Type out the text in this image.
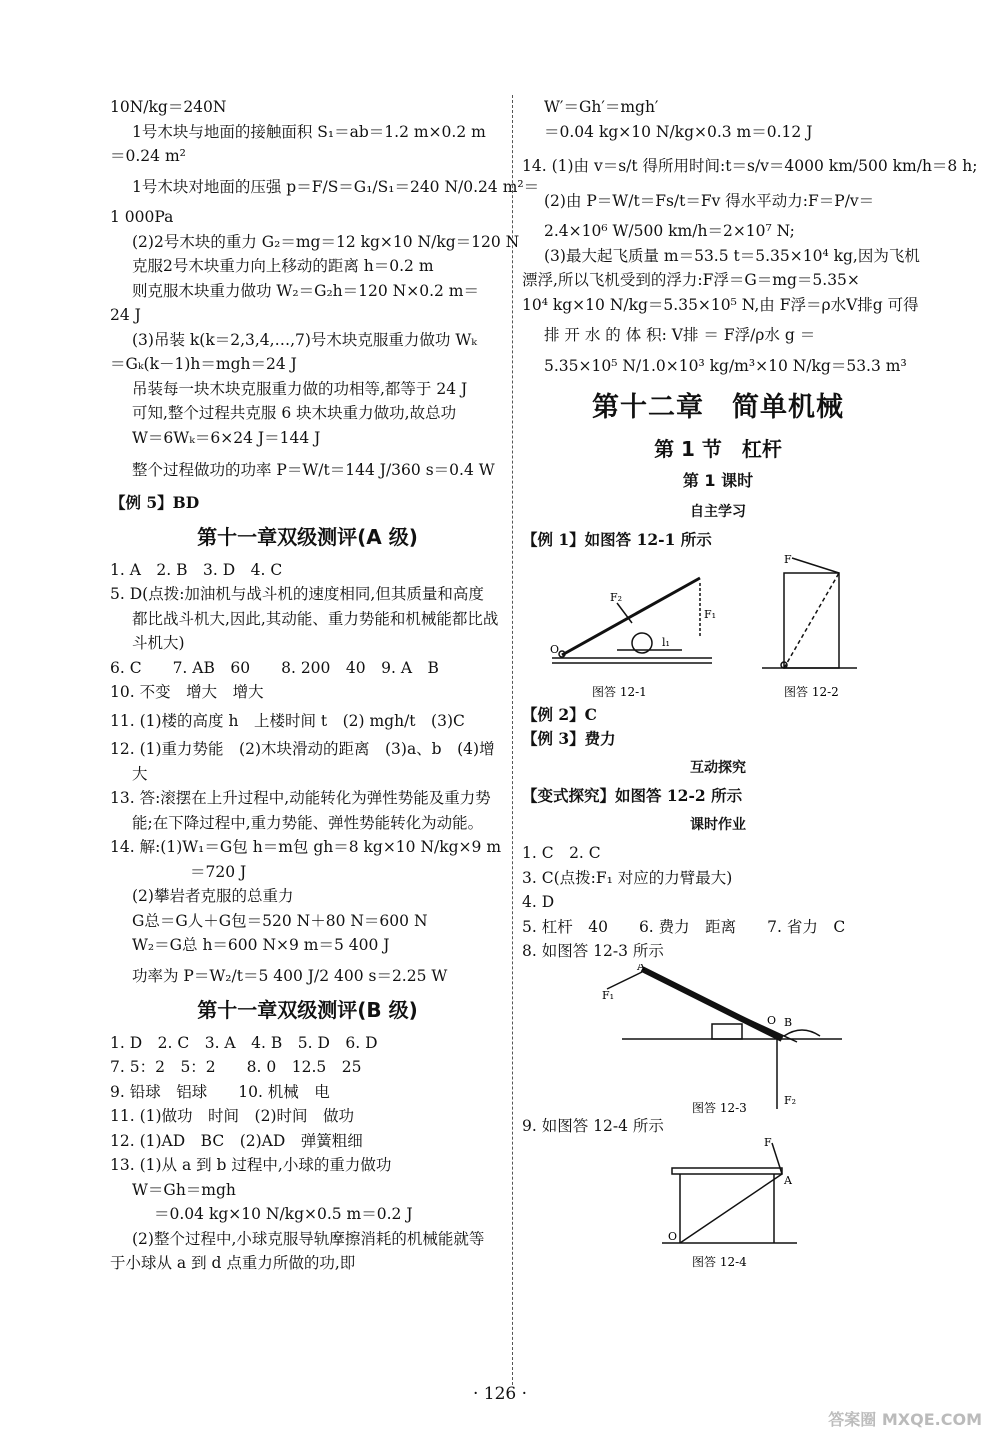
10N/kg＝240N
1号木块与地面的接触面积 S₁＝ab＝1.2 m×0.2 m
＝0.24 m²
1号木块对地面的压强 p＝F/S＝G₁/S₁＝240 N/0.24 m²＝
1 000Pa
(2)2号木块的重力 G₂＝mg＝12 kg×10 N/kg＝120 N
克服2号木块重力向上移动的距离 h＝0.2 m
则克服木块重力做功 W₂＝G₂h＝120 N×0.2 m＝
24 J
(3)吊装 k(k＝2,3,4,…,7)号木块克服重力做功 Wₖ
＝Gₖ(k－1)h＝mgh＝24 J
吊装每一块木块克服重力做的功相等,都等于 24 J
可知,整个过程共克服 6 块木块重力做功,故总功
W＝6Wₖ＝6×24 J＝144 J
整个过程做功的功率 P＝W/t＝144 J/360 s＝0.4 W
【例 5】BD
第十一章双级测评(A 级)
1. A　2. B　3. D　4. C
5. D(点拨:加油机与战斗机的速度相同,但其质量和高度
都比战斗机大,因此,其动能、重力势能和机械能都比战
斗机大)
6. C　　7. AB　60　　8. 200　40　9. A　B
10. 不变　增大　增大
11. (1)楼的高度 h　上楼时间 t　(2) mgh/t　(3)C
12. (1)重力势能　(2)木块滑动的距离　(3)a、b　(4)增
大
13. 答:滚摆在上升过程中,动能转化为弹性势能及重力势
能;在下降过程中,重力势能、弹性势能转化为动能。
14. 解:(1)W₁＝G包 h＝m包 gh＝8 kg×10 N/kg×9 m
＝720 J
(2)攀岩者克服的总重力
G总＝G人＋G包＝520 N＋80 N＝600 N
W₂＝G总 h＝600 N×9 m＝5 400 J
功率为 P＝W₂/t＝5 400 J/2 400 s＝2.25 W
第十一章双级测评(B 级)
1. D　2. C　3. A　4. B　5. D　6. D
7. 5：2　5：2　　8. 0　12.5　25
9. 铅球　铝球　　10. 机械　电
11. (1)做功　时间　(2)时间　做功
12. (1)AD　BC　(2)AD　弹簧粗细
13. (1)从 a 到 b 过程中,小球的重力做功
W＝Gh＝mgh
＝0.04 kg×10 N/kg×0.5 m＝0.2 J
(2)整个过程中,小球克服导轨摩擦消耗的机械能就等
于小球从 a 到 d 点重力所做的功,即
W′＝Gh′＝mgh′
＝0.04 kg×10 N/kg×0.3 m＝0.12 J
14. (1)由 v＝s/t 得所用时间:t＝s/v＝4000 km/500 km/h＝8 h;
(2)由 P＝W/t＝Fs/t＝Fv 得水平动力:F＝P/v＝
2.4×10⁶ W/500 km/h＝2×10⁷ N;
(3)最大起飞质量 m＝53.5 t＝5.35×10⁴ kg,因为飞机
漂浮,所以飞机受到的浮力:F浮＝G＝mg＝5.35×
10⁴ kg×10 N/kg＝5.35×10⁵ N,由 F浮＝ρ水V排g 可得
排 开 水 的 体 积: V排 ＝ F浮/ρ水 g ＝
5.35×10⁵ N/1.0×10³ kg/m³×10 N/kg＝53.3 m³
第十二章　简单机械
第 1 节　杠杆
第 1 课时
自主学习
【例 1】如图答 12-1 所示
F₂
F₁
l₁
O
F
图答 12-1	图答 12-2
【例 2】C
【例 3】费力
互动探究
【变式探究】如图答 12-2 所示
课时作业
1. C　2. C
3. C(点拨:F₁ 对应的力臂最大)
4. D
5. 杠杆　40　　6. 费力　距离　　7. 省力　C
8. 如图答 12-3 所示
A
O B
F₁
F₂
图答 12-3
9. 如图答 12-4 所示
F
A
O
图答 12-4
· 126 ·
答案圈 MXQE.COM
